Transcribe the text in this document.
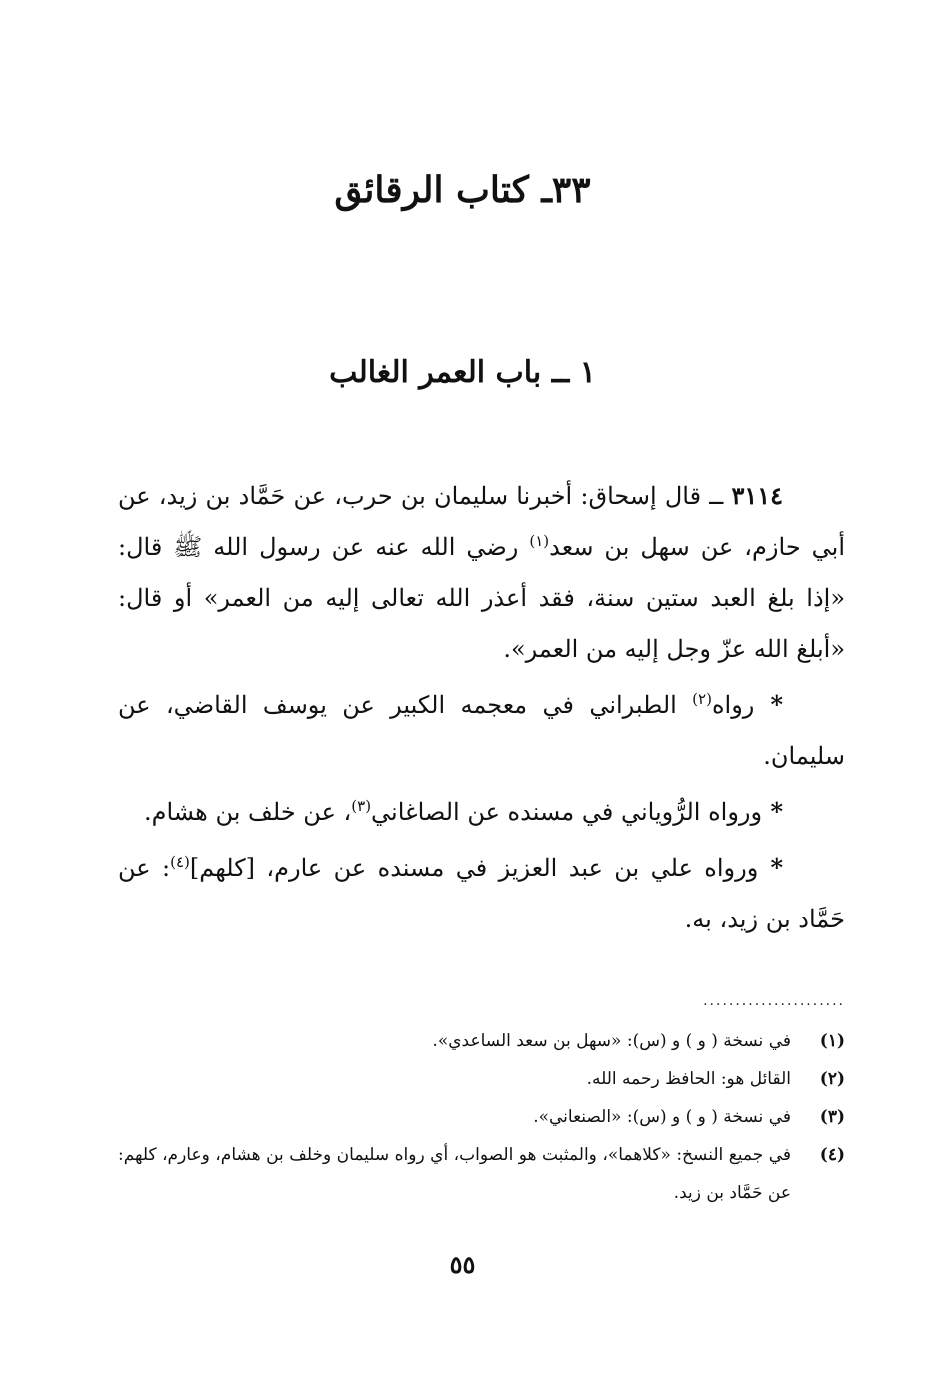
٣٣ـ كتاب الرقائق
١ ــ باب العمر الغالب

٣١١٤ ــ قال إسحاق: أخبرنا سليمان بن حرب، عن حَمَّاد بن زيد، عن أبي حازم، عن سهل بن سعد$^{(١)}$ رضي الله عنه عن رسول الله ﷺ قال: «إذا بلغ العبد ستين سنة، فقد أعذر الله تعالى إليه من العمر» أو قال: «أبلغ الله عزّ وجل إليه من العمر».

* رواه$^{(٢)}$ الطبراني في معجمه الكبير عن يوسف القاضي، عن سليمان.

* ورواه الرُّوياني في مسنده عن الصاغاني$^{(٣)}$، عن خلف بن هشام.

* ورواه علي بن عبد العزيز في مسنده عن عارم، [كلهم]$^{(٤)}$: عن حَمَّاد بن زيد، به.

......................
(١)
في نسخة ( و ) و (س): «سهل بن سعد الساعدي».
(٢)
القائل هو: الحافظ رحمه الله.
(٣)
في نسخة ( و ) و (س): «الصنعاني».
(٤)
في جميع النسخ: «كلاهما»، والمثبت هو الصواب، أي رواه سليمان وخلف بن هشام، وعارم، كلهم: عن حَمَّاد بن زيد.
٥٥
